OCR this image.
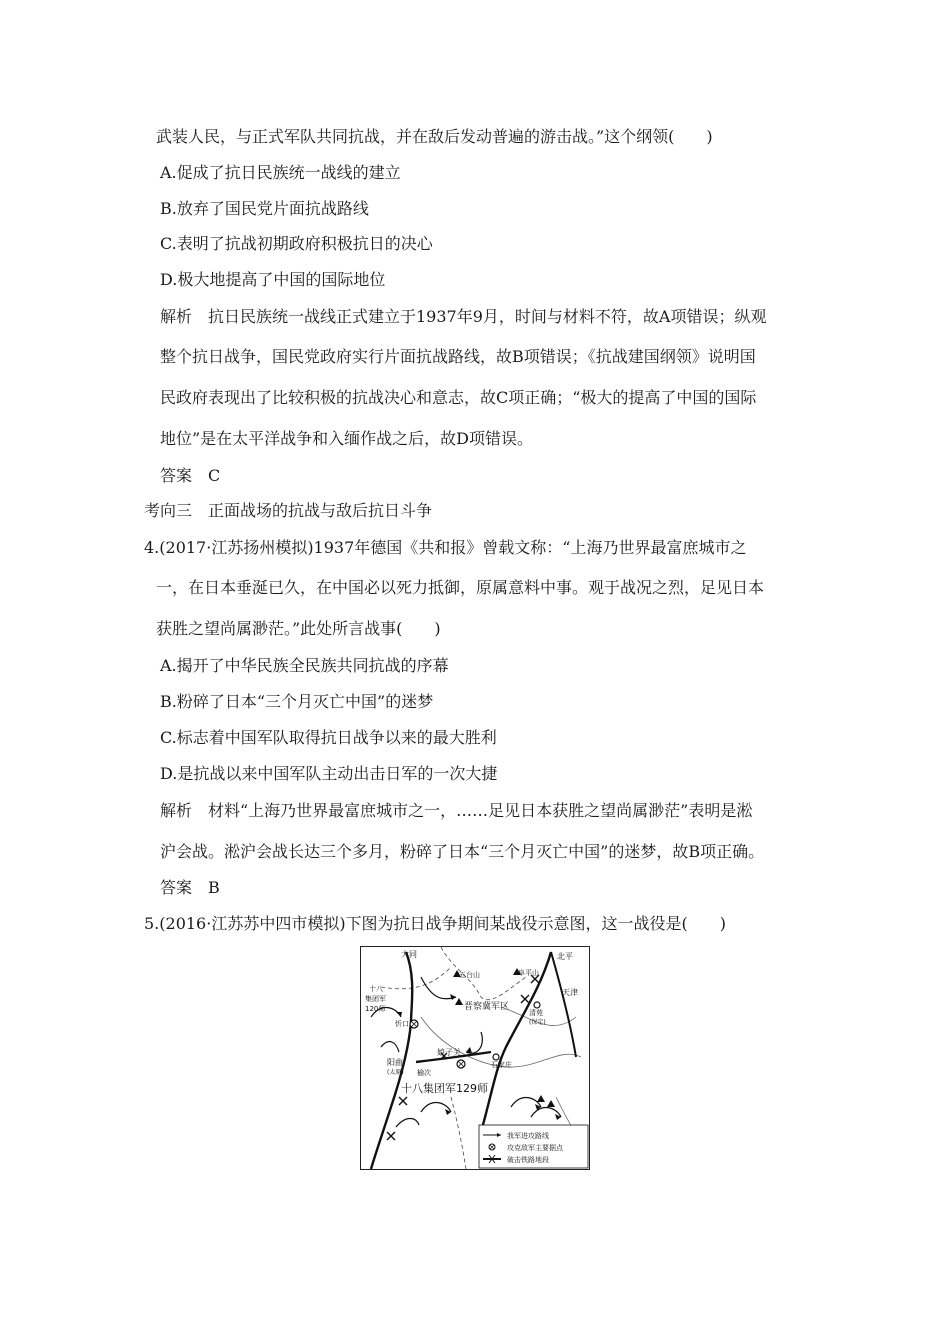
武装人民，与正式军队共同抗战，并在敌后发动普遍的游击战。”这个纲领(　　)
A.促成了抗日民族统一战线的建立
B.放弃了国民党片面抗战路线
C.表明了抗战初期政府积极抗日的决心
D.极大地提高了中国的国际地位
解析　抗日民族统一战线正式建立于1937年9月，时间与材料不符，故A项错误；纵观
整个抗日战争，国民党政府实行片面抗战路线，故B项错误；《抗战建国纲领》说明国
民政府表现出了比较积极的抗战决心和意志，故C项正确；“极大的提高了中国的国际
地位”是在太平洋战争和入缅作战之后，故D项错误。
答案　C
考向三　正面战场的抗战与敌后抗日斗争
4.(2017·江苏扬州模拟)1937年德国《共和报》曾载文称：“上海乃世界最富庶城市之
一，在日本垂涎已久，在中国必以死力抵御，原属意料中事。观于战况之烈，足见日本
获胜之望尚属渺茫。”此处所言战事(　　)
A.揭开了中华民族全民族共同抗战的序幕
B.粉碎了日本“三个月灭亡中国”的迷梦
C.标志着中国军队取得抗日战争以来的最大胜利
D.是抗战以来中国军队主动出击日军的一次大捷
解析　材料“上海乃世界最富庶城市之一，……足见日本获胜之望尚属渺茫”表明是淞
沪会战。淞沪会战长达三个多月，粉碎了日本“三个月灭亡中国”的迷梦，故B项正确。
答案　B
5.(2016·江苏苏中四市模拟)下图为抗日战争期间某战役示意图，这一战役是(　　)
大同	北平
天津
五台山	阜平山
晋察冀军区
十八
集团军
120师
忻口
清苑
(保定)
娘子关
阳曲
(太原) 榆次
石家庄
十八集团军129师
我军进攻路线
攻克敌军主要据点
破击铁路地段
